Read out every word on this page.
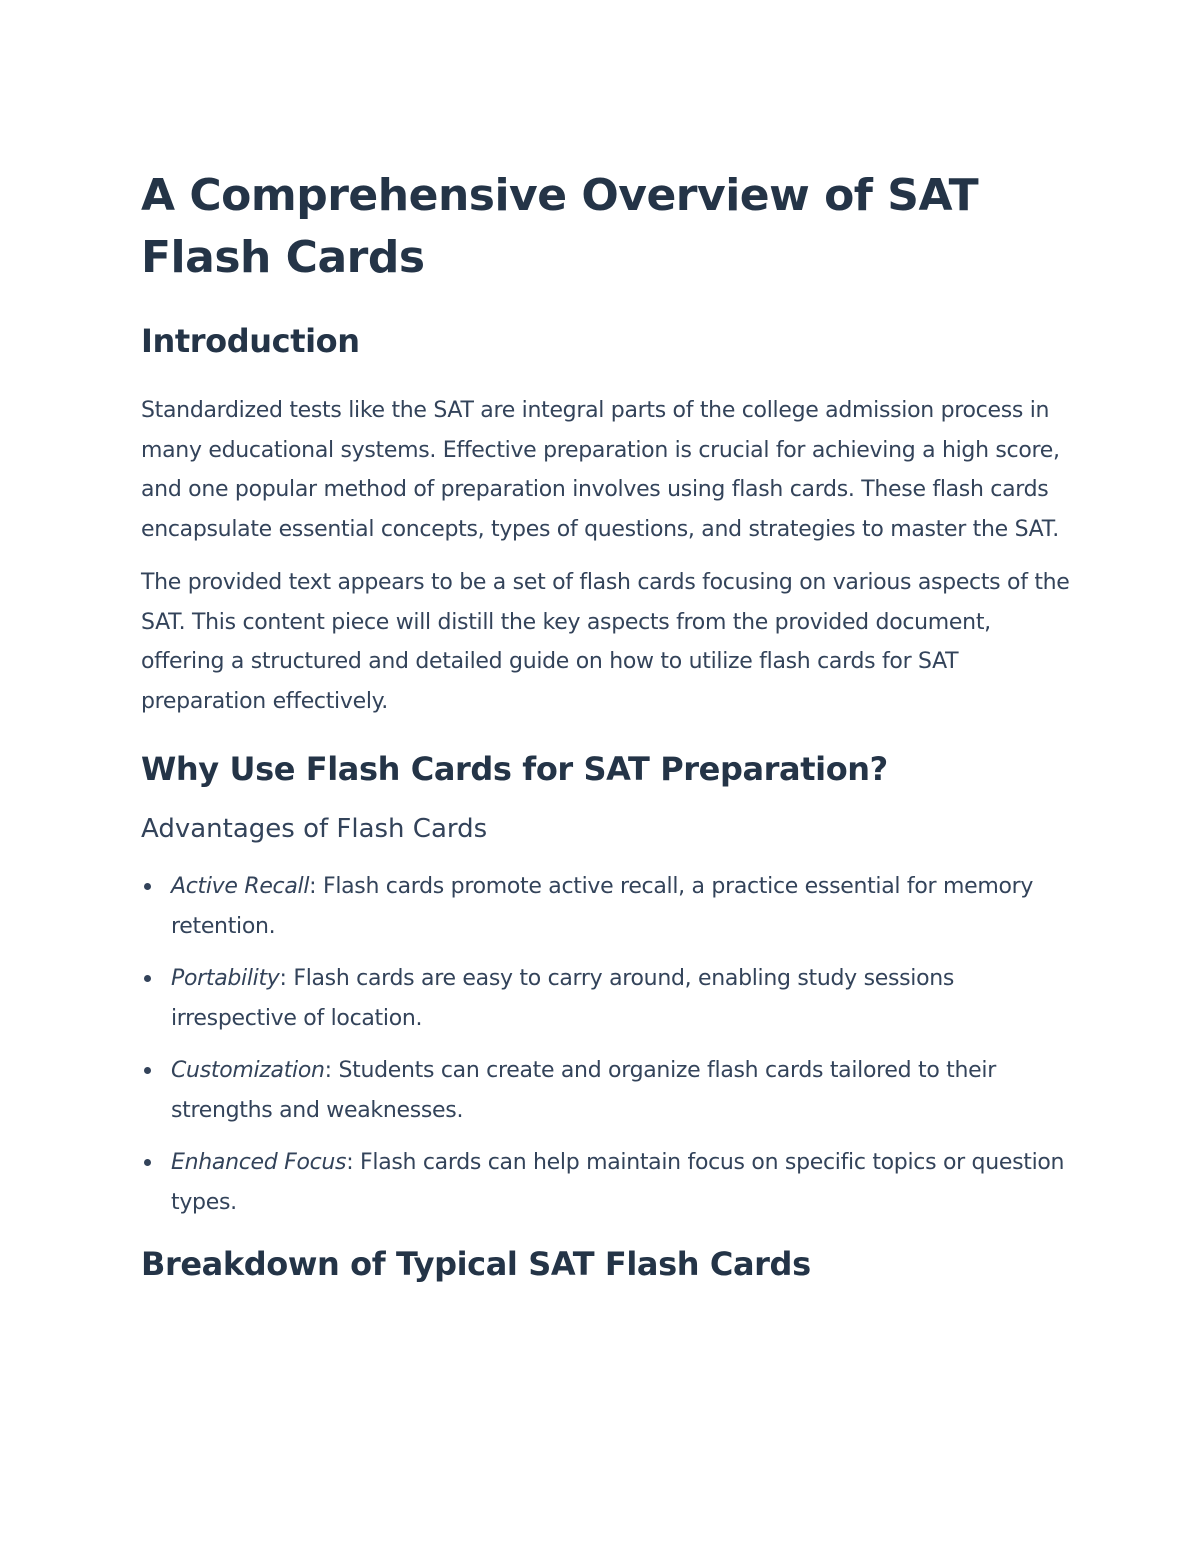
A Comprehensive Overview of SAT Flash Cards
Introduction

Standardized tests like the SAT are integral parts of the college admission process in many educational systems. Effective preparation is crucial for achieving a high score, and one popular method of preparation involves using flash cards. These flash cards encapsulate essential concepts, types of questions, and strategies to master the SAT.

The provided text appears to be a set of flash cards focusing on various aspects of the SAT. This content piece will distill the key aspects from the provided document, offering a structured and detailed guide on how to utilize flash cards for SAT preparation effectively.

Why Use Flash Cards for SAT Preparation?
Advantages of Flash Cards
Active Recall: Flash cards promote active recall, a practice essential for memory retention.
Portability: Flash cards are easy to carry around, enabling study sessions irrespective of location.
Customization: Students can create and organize flash cards tailored to their strengths and weaknesses.
Enhanced Focus: Flash cards can help maintain focus on specific topics or question types.
Breakdown of Typical SAT Flash Cards
